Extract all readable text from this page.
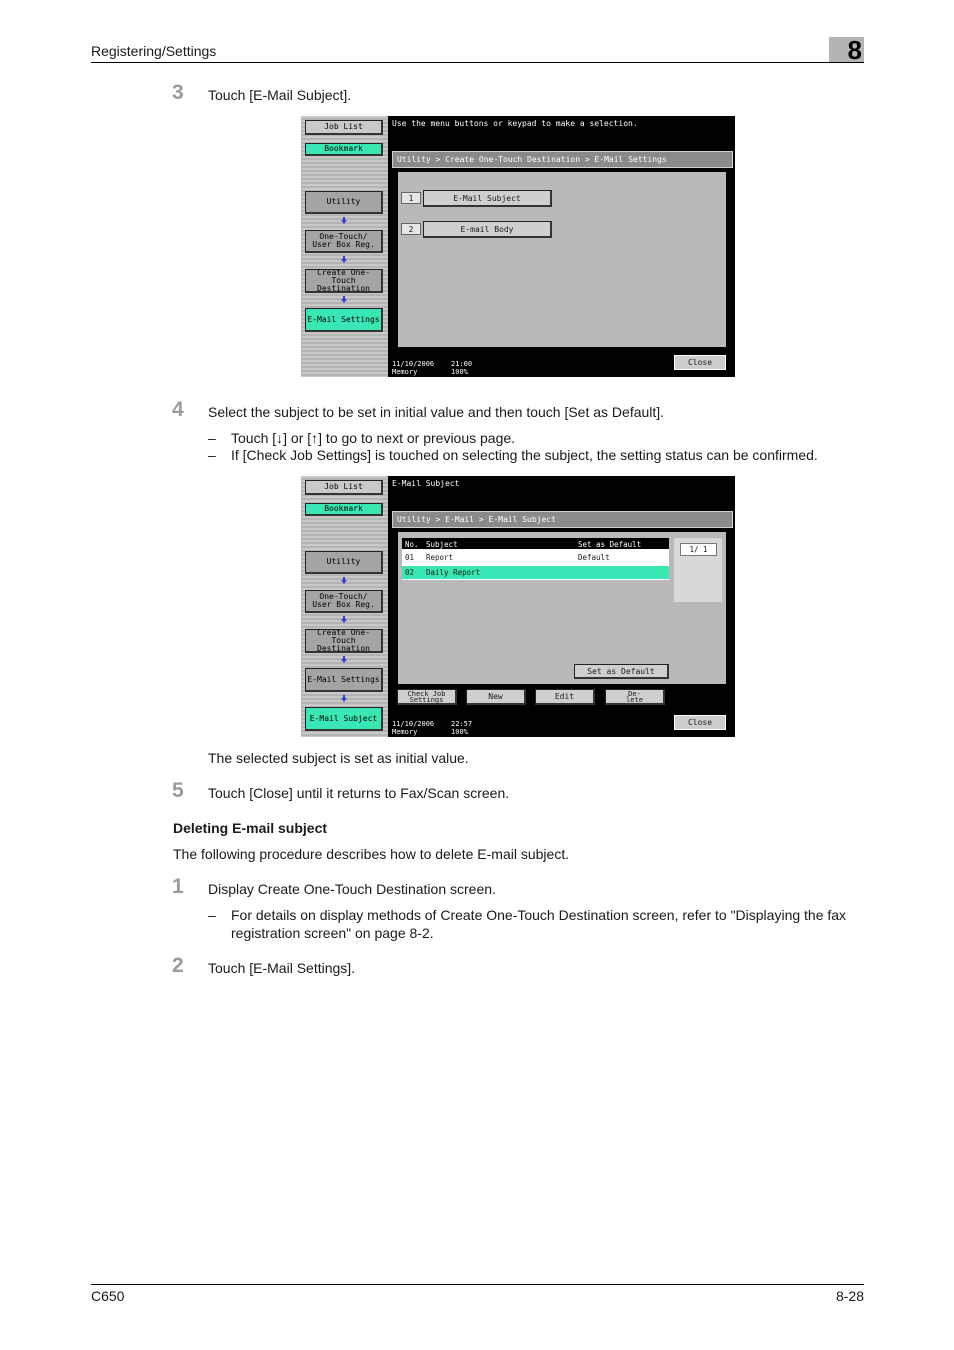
Registering/Settings	8
3 Touch [E-Mail Subject].
Job List
Bookmark
Utility
One-Touch/
User Box Reg.
Create One-Touch
Destination
E-Mail Settings
Use the menu buttons or keypad to make a selection.
Utility > Create One-Touch Destination > E-Mail Settings
1	E-Mail Subject
2	E-mail Body
11/10/2006 21:00
Memory	100%
Close
4 Select the subject to be set in initial value and then touch [Set as Default].
– Touch [↓] or [↑] to go to next or previous page.
– If [Check Job Settings] is touched on selecting the subject, the setting status can be confirmed.
Job List
Bookmark
Utility
One-Touch/
User Box Reg.
Create One-Touch
Destination
E-Mail Settings
E-Mail Subject
E-Mail Subject
Utility > E-Mail > E-Mail Subject
No. Subject	Set as Default
01 Report	Default
02 Daily Report
1/ 1
Set as Default
Check Job
Settings	New	Edit	De-
lete
11/10/2006 22:57
Memory	100%
Close
The selected subject is set as initial value.
5 Touch [Close] until it returns to Fax/Scan screen.
Deleting E-mail subject
The following procedure describes how to delete E-mail subject.
1 Display Create One-Touch Destination screen.
– For details on display methods of Create One-Touch Destination screen, refer to "Displaying the fax
registration screen" on page 8-2.
2 Touch [E-Mail Settings].
C650	8-28
